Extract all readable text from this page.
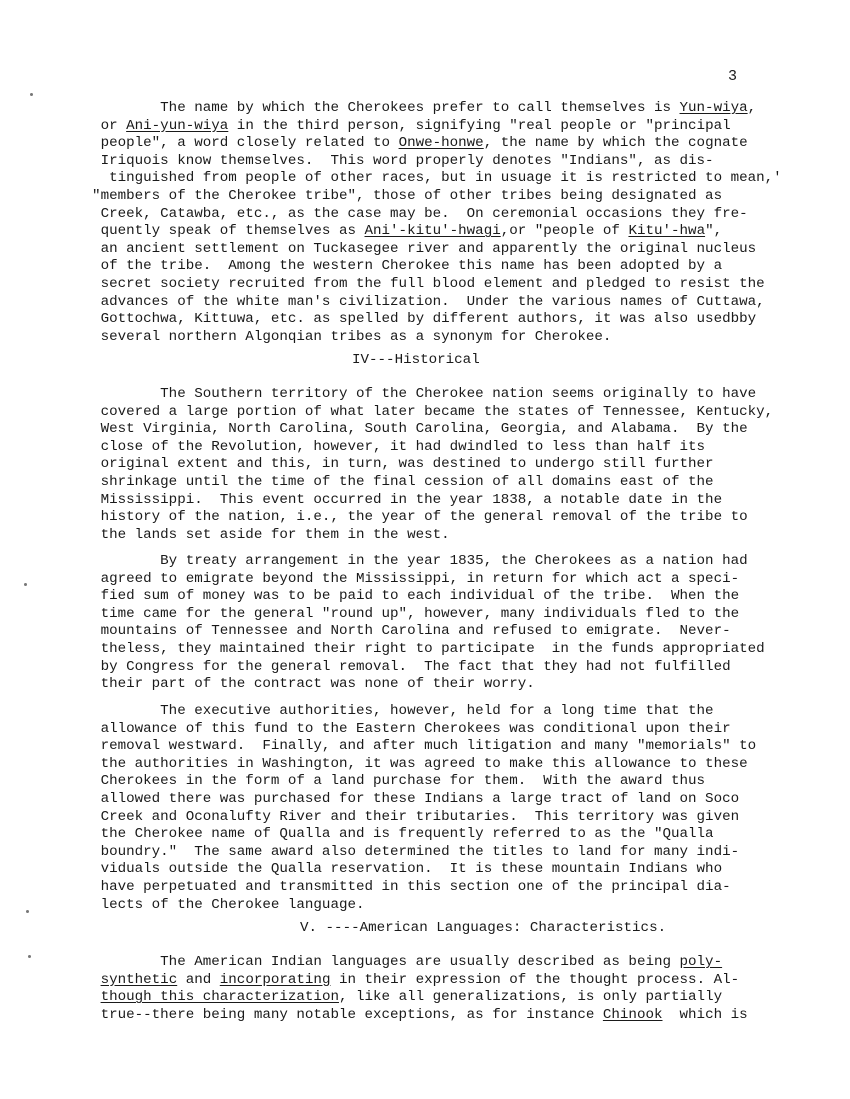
3
The name by which the Cherokees prefer to call themselves is Yun-wiya,
or Ani-yun-wiya in the third person, signifying "real people or "principal
people", a word closely related to Onwe-honwe, the name by which the cognate
Iriquois know themselves.  This word properly denotes "Indians", as dis-
tinguished from people of other races, but in usuage it is restricted to mean,'
"members of the Cherokee tribe", those of other tribes being designated as
Creek, Catawba, etc., as the case may be.  On ceremonial occasions they fre-
quently speak of themselves as Ani'-kitu'-hwagi,or "people of Kitu'-hwa",
an ancient settlement on Tuckasegee river and apparently the original nucleus
of the tribe.  Among the western Cherokee this name has been adopted by a
secret society recruited from the full blood element and pledged to resist the
advances of the white man's civilization.  Under the various names of Cuttawa,
Gottochwa, Kittuwa, etc. as spelled by different authors, it was also usedbby
several northern Algonqian tribes as a synonym for Cherokee.
IV---Historical
The Southern territory of the Cherokee nation seems originally to have
covered a large portion of what later became the states of Tennessee, Kentucky,
West Virginia, North Carolina, South Carolina, Georgia, and Alabama.  By the
close of the Revolution, however, it had dwindled to less than half its
original extent and this, in turn, was destined to undergo still further
shrinkage until the time of the final cession of all domains east of the
Mississippi.  This event occurred in the year 1838, a notable date in the
history of the nation, i.e., the year of the general removal of the tribe to
the lands set aside for them in the west.
By treaty arrangement in the year 1835, the Cherokees as a nation had
agreed to emigrate beyond the Mississippi, in return for which act a speci-
fied sum of money was to be paid to each individual of the tribe.  When the
time came for the general "round up", however, many individuals fled to the
mountains of Tennessee and North Carolina and refused to emigrate.  Never-
theless, they maintained their right to participate  in the funds appropriated
by Congress for the general removal.  The fact that they had not fulfilled
their part of the contract was none of their worry.
The executive authorities, however, held for a long time that the
allowance of this fund to the Eastern Cherokees was conditional upon their
removal westward.  Finally, and after much litigation and many "memorials" to
the authorities in Washington, it was agreed to make this allowance to these
Cherokees in the form of a land purchase for them.  With the award thus
allowed there was purchased for these Indians a large tract of land on Soco
Creek and Oconalufty River and their tributaries.  This territory was given
the Cherokee name of Qualla and is frequently referred to as the "Qualla
boundry."  The same award also determined the titles to land for many indi-
viduals outside the Qualla reservation.  It is these mountain Indians who
have perpetuated and transmitted in this section one of the principal dia-
lects of the Cherokee language.
V. ----American Languages: Characteristics.
The American Indian languages are usually described as being poly-
synthetic and incorporating in their expression of the thought process. Al-
though this characterization, like all generalizations, is only partially
true--there being many notable exceptions, as for instance Chinook  which is
